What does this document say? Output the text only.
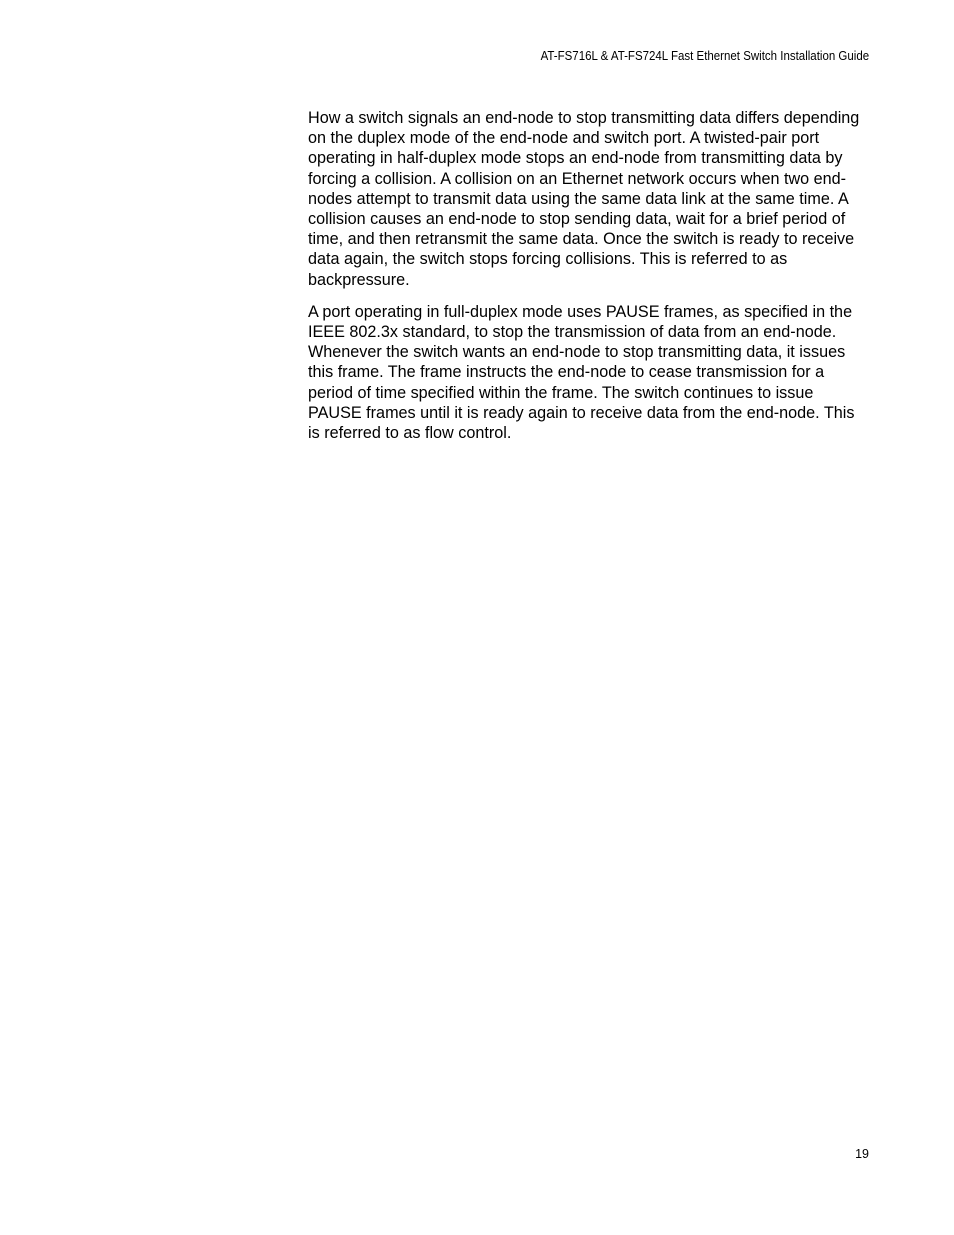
AT-FS716L & AT-FS724L Fast Ethernet Switch Installation Guide

How a switch signals an end-node to stop transmitting data differs depending on the duplex mode of the end-node and switch port. A twisted-pair port operating in half-duplex mode stops an end-node from transmitting data by forcing a collision. A collision on an Ethernet network occurs when two end-nodes attempt to transmit data using the same data link at the same time. A collision causes an end-node to stop sending data, wait for a brief period of time, and then retransmit the same data. Once the switch is ready to receive data again, the switch stops forcing collisions. This is referred to as backpressure.

A port operating in full-duplex mode uses PAUSE frames, as specified in the IEEE 802.3x standard, to stop the transmission of data from an end-node. Whenever the switch wants an end-node to stop transmitting data, it issues this frame. The frame instructs the end-node to cease transmission for a period of time specified within the frame. The switch continues to issue PAUSE frames until it is ready again to receive data from the end-node. This is referred to as flow control.

19
